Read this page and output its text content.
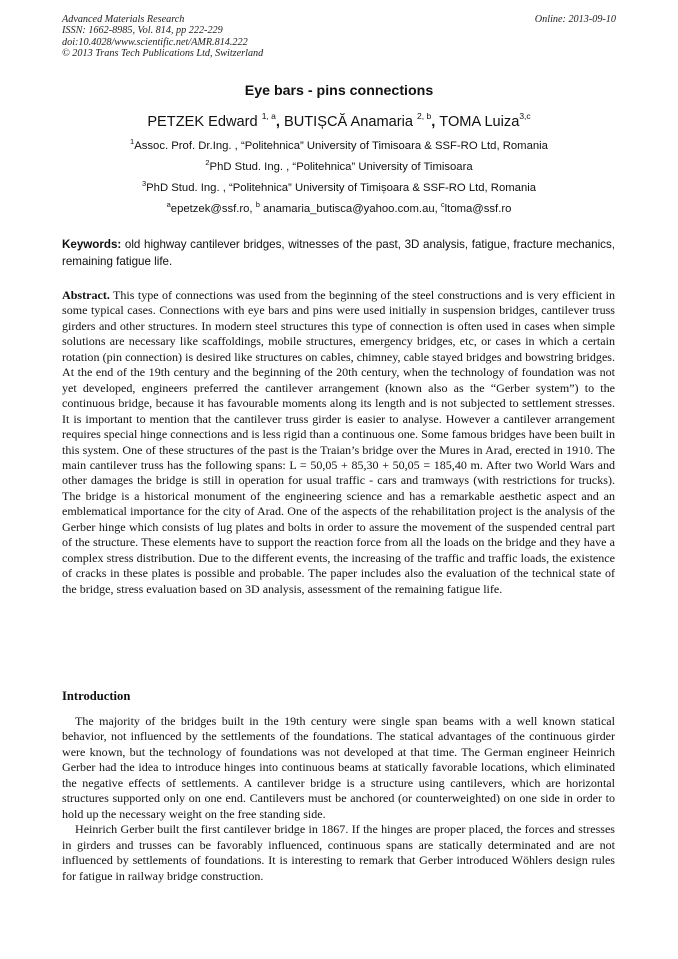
Advanced Materials Research
ISSN: 1662-8985, Vol. 814, pp 222-229
doi:10.4028/www.scientific.net/AMR.814.222
© 2013 Trans Tech Publications Ltd, Switzerland
Online: 2013-09-10
Eye bars - pins connections
PETZEK Edward $^{1, a}$, BUTIȘCĂ Anamaria $^{2, b}$, TOMA Luiza$^{3,c}$
$^1$Assoc. Prof. Dr.Ing. , “Politehnica” University of Timisoara & SSF-RO Ltd, Romania
$^2$PhD Stud. Ing. , “Politehnica” University of Timisoara
$^3$PhD Stud. Ing. , “Politehnica” University of Timișoara & SSF-RO Ltd, Romania
$^a$epetzek@ssf.ro, $^b$ anamaria_butisca@yahoo.com.au, $^c$ltoma@ssf.ro
Keywords: old highway cantilever bridges, witnesses of the past, 3D analysis, fatigue, fracture mechanics, remaining fatigue life.
Abstract. This type of connections was used from the beginning of the steel constructions and is very efficient in some typical cases. Connections with eye bars and pins were used initially in suspension bridges, cantilever truss girders and other structures. In modern steel structures this type of connection is often used in cases when simple solutions are necessary like scaffoldings, mobile structures, emergency bridges, etc, or cases in which a certain rotation (pin connection) is desired like structures on cables, chimney, cable stayed bridges and bowstring bridges. At the end of the 19th century and the beginning of the 20th century, when the technology of foundation was not yet developed, engineers preferred the cantilever arrangement (known also as the “Gerber system”) to the continuous bridge, because it has favourable moments along its length and is not subjected to settlement stresses. It is important to mention that the cantilever truss girder is easier to analyse. However a cantilever arrangement requires special hinge connections and is less rigid than a continuous one. Some famous bridges have been built in this system. One of these structures of the past is the Traian’s bridge over the Mures in Arad, erected in 1910. The main cantilever truss has the following spans: L = 50,05 + 85,30 + 50,05 = 185,40 m. After two World Wars and other damages the bridge is still in operation for usual traffic - cars and tramways (with restrictions for trucks). The bridge is a historical monument of the engineering science and has a remarkable aesthetic aspect and an emblematical importance for the city of Arad. One of the aspects of the rehabilitation project is the analysis of the Gerber hinge which consists of lug plates and bolts in order to assure the movement of the suspended central part of the structure. These elements have to support the reaction force from all the loads on the bridge and they have a complex stress distribution. Due to the different events, the increasing of the traffic and traffic loads, the existence of cracks in these plates is possible and probable. The paper includes also the evaluation of the technical state of the bridge, stress evaluation based on 3D analysis, assessment of the remaining fatigue life.
Introduction

The majority of the bridges built in the 19th century were single span beams with a well known statical behavior, not influenced by the settlements of the foundations. The statical advantages of the continuous girder were known, but the technology of foundations was not developed at that time. The German engineer Heinrich Gerber had the idea to introduce hinges into continuous beams at statically favorable locations, which eliminated the negative effects of settlements. A cantilever bridge is a structure using cantilevers, which are horizontal structures supported only on one end. Cantilevers must be anchored (or counterweighted) on one side in order to hold up the necessary weight on the free standing side.

Heinrich Gerber built the first cantilever bridge in 1867. If the hinges are proper placed, the forces and stresses in girders and trusses can be favorably influenced, continuous spans are statically determinated and are not influenced by settlements of foundations. It is interesting to remark that Gerber introduced Wöhlers design rules for fatigue in railway bridge construction.
